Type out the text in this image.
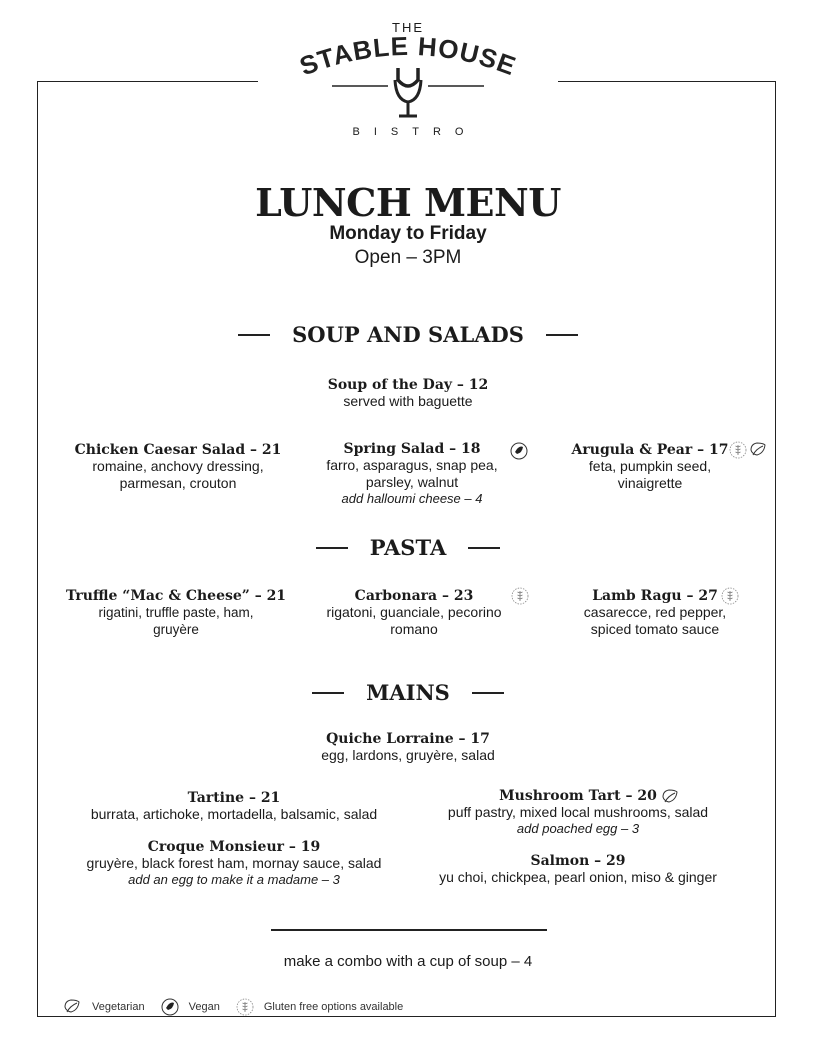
THE
STABLE HOUSE
BISTRO
LUNCH MENU
Monday to Friday
Open – 3PM
SOUP AND SALADS
Soup of the Day – 12
served with baguette
Chicken Caesar Salad – 21
romaine, anchovy dressing,
parmesan, crouton
Spring Salad – 18
farro, asparagus, snap pea,
parsley, walnut
add halloumi cheese – 4
Arugula & Pear – 17
feta, pumpkin seed,
vinaigrette
PASTA
Truffle “Mac & Cheese” – 21
rigatini, truffle paste, ham,
gruyère
Carbonara – 23
rigatoni, guanciale, pecorino
romano
Lamb Ragu – 27
casarecce, red pepper,
spiced tomato sauce
MAINS
Quiche Lorraine – 17
egg, lardons, gruyère, salad
Tartine – 21
burrata, artichoke, mortadella, balsamic, salad
Croque Monsieur – 19
gruyère, black forest ham, mornay sauce, salad
add an egg to make it a madame – 3
Mushroom Tart – 20
puff pastry, mixed local mushrooms, salad
add poached egg – 3
Salmon – 29
yu choi, chickpea, pearl onion, miso & ginger
make a combo with a cup of soup – 4
Vegetarian	Vegan	Gluten free options available
